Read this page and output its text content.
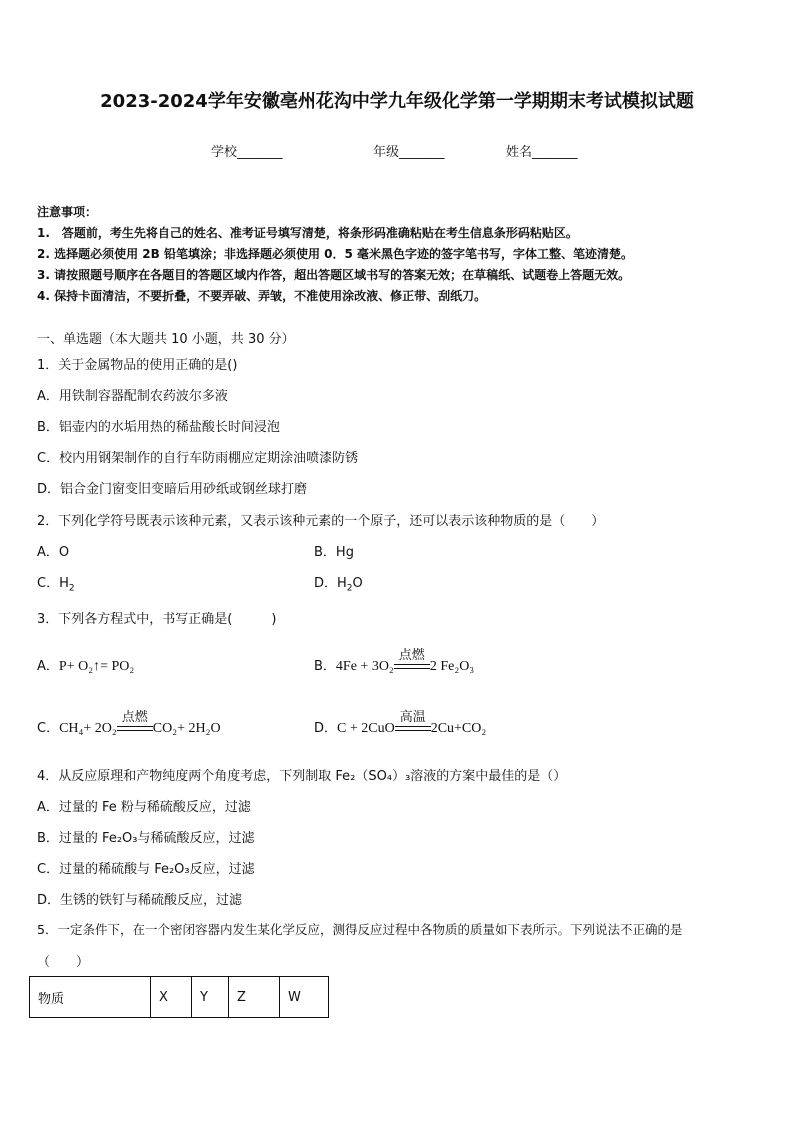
2023-2024学年安徽亳州花沟中学九年级化学第一学期期末考试模拟试题
学校_______	年级_______	姓名_______
注意事项：
1.　答题前，考生先将自己的姓名、准考证号填写清楚，将条形码准确粘贴在考生信息条形码粘贴区。
2. 选择题必须使用 2B 铅笔填涂；非选择题必须使用 0．5 毫米黑色字迹的签字笔书写，字体工整、笔迹清楚。
3. 请按照题号顺序在各题目的答题区域内作答，超出答题区域书写的答案无效；在草稿纸、试题卷上答题无效。
4. 保持卡面清洁，不要折叠，不要弄破、弄皱，不准使用涂改液、修正带、刮纸刀。
一、单选题（本大题共 10 小题，共 30 分）
1．关于金属物品的使用正确的是()
A．用铁制容器配制农药波尔多液
B．铝壶内的水垢用热的稀盐酸长时间浸泡
C．校内用钢架制作的自行车防雨棚应定期涂油喷漆防锈
D．铝合金门窗变旧变暗后用砂纸或钢丝球打磨
2．下列化学符号既表示该种元素，又表示该种元素的一个原子，还可以表示该种物质的是（　　）
A．O	B．Hg
C．$H_2$	D．$H_2O$
3．下列各方程式中，书写正确是(　　　)
A．P+ O₂↑= PO₂	B．4Fe + 3O₂
点燃
2 Fe₂O₃
C．CH₄+ 2O₂
点燃
CO₂+ 2H₂O	D．C + 2CuO
高温
2Cu+CO₂
4．从反应原理和产物纯度两个角度考虑，下列制取 Fe₂（SO₄）₃溶液的方案中最佳的是（）
A．过量的 Fe 粉与稀硫酸反应，过滤
B．过量的 Fe₂O₃与稀硫酸反应，过滤
C．过量的稀硫酸与 Fe₂O₃反应，过滤
D．生锈的铁钉与稀硫酸反应，过滤
5．一定条件下，在一个密闭容器内发生某化学反应，测得反应过程中各物质的质量如下表所示。下列说法不正确的是
（　　）
物质	X	Y	Z	W
